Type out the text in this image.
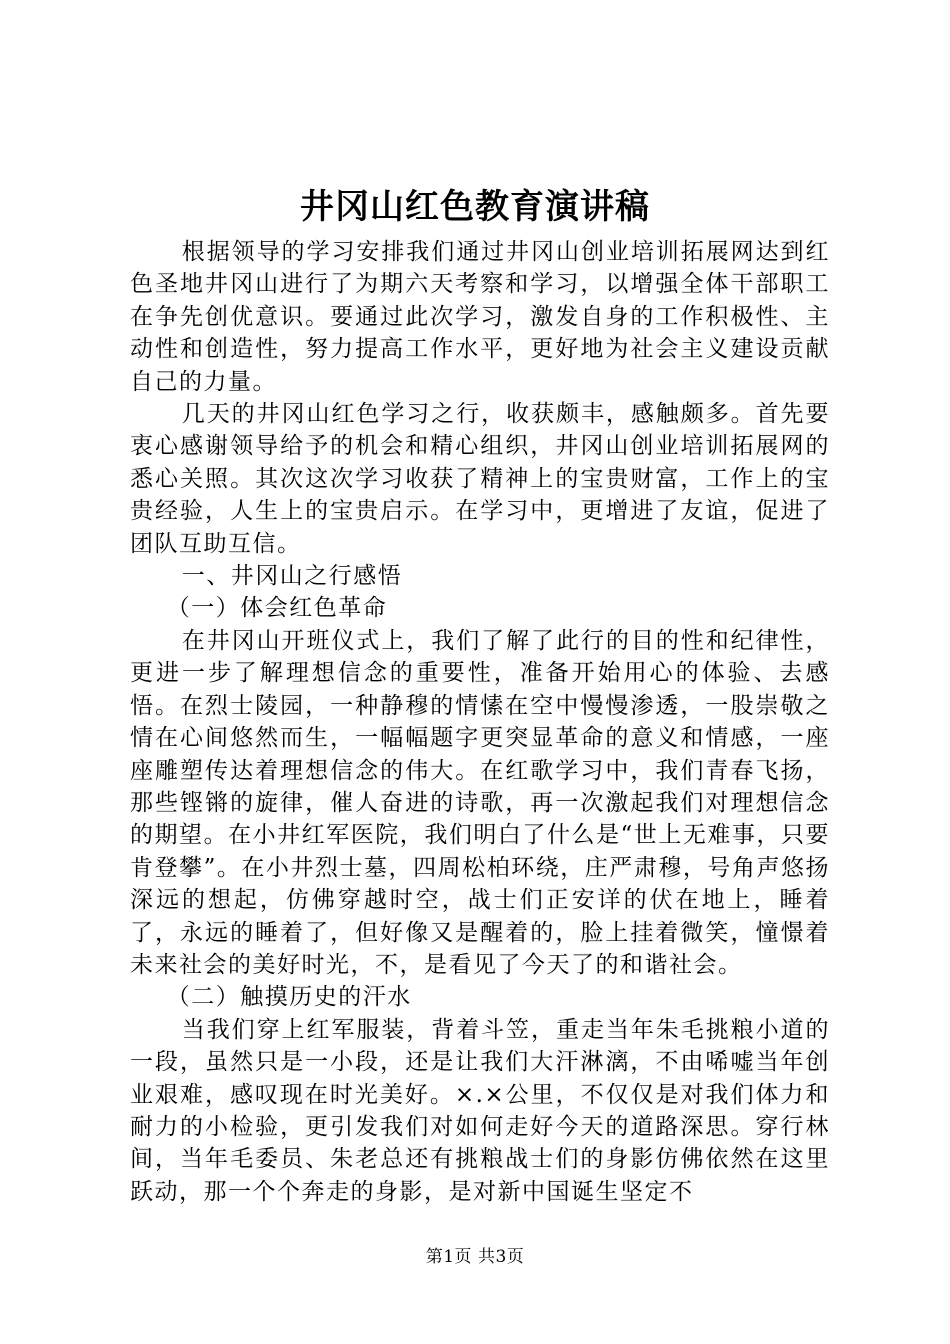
井冈山红色教育演讲稿

根据领导的学习安排我们通过井冈山创业培训拓展网达到红色圣地井冈山进行了为期六天考察和学习，以增强全体干部职工在争先创优意识。要通过此次学习，激发自身的工作积极性、主动性和创造性，努力提高工作水平，更好地为社会主义建设贡献自己的力量。

几天的井冈山红色学习之行，收获颇丰，感触颇多。首先要衷心感谢领导给予的机会和精心组织，井冈山创业培训拓展网的悉心关照。其次这次学习收获了精神上的宝贵财富，工作上的宝贵经验，人生上的宝贵启示。在学习中，更增进了友谊，促进了团队互助互信。

一、井冈山之行感悟

（一）体会红色革命

在井冈山开班仪式上，我们了解了此行的目的性和纪律性，更进一步了解理想信念的重要性，准备开始用心的体验、去感悟。在烈士陵园，一种静穆的情愫在空中慢慢渗透，一股崇敬之情在心间悠然而生，一幅幅题字更突显革命的意义和情感，一座座雕塑传达着理想信念的伟大。在红歌学习中，我们青春飞扬，那些铿锵的旋律，催人奋进的诗歌，再一次激起我们对理想信念的期望。在小井红军医院，我们明白了什么是“世上无难事，只要肯登攀”。在小井烈士墓，四周松柏环绕，庄严肃穆，号角声悠扬深远的想起，仿佛穿越时空，战士们正安详的伏在地上，睡着了，永远的睡着了，但好像又是醒着的，脸上挂着微笑，憧憬着未来社会的美好时光，不，是看见了今天了的和谐社会。

（二）触摸历史的汗水

当我们穿上红军服装，背着斗笠，重走当年朱毛挑粮小道的一段，虽然只是一小段，还是让我们大汗淋漓，不由唏嘘当年创业艰难，感叹现在时光美好。×.×公里，不仅仅是对我们体力和耐力的小检验，更引发我们对如何走好今天的道路深思。穿行林间，当年毛委员、朱老总还有挑粮战士们的身影仿佛依然在这里跃动，那一个个奔走的身影，是对新中国诞生坚定不

第1页 共3页
